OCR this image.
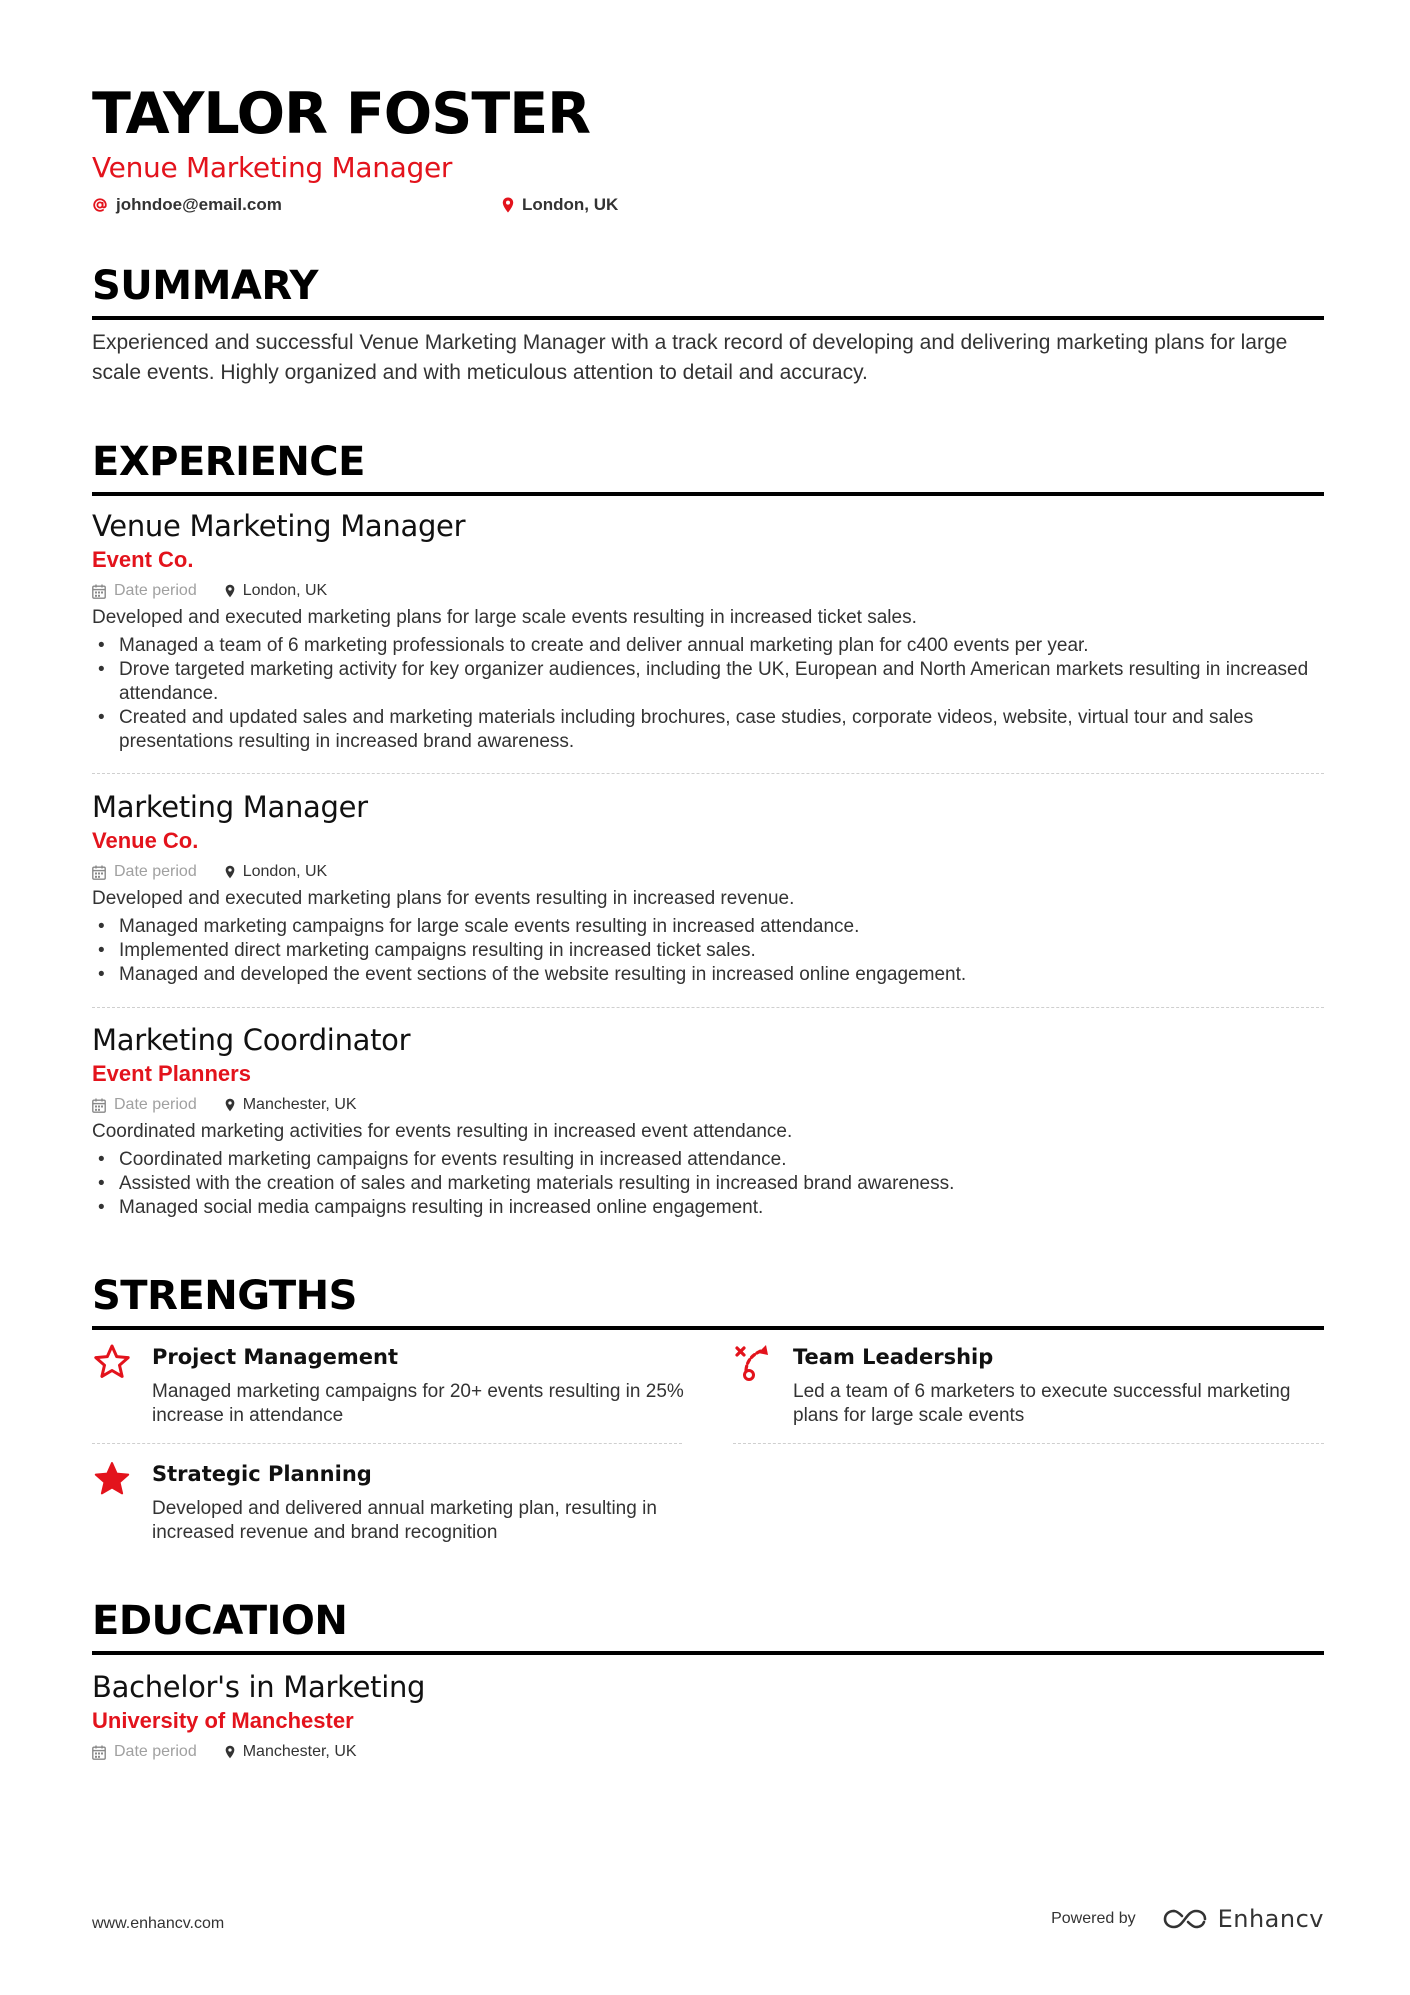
TAYLOR FOSTER
Venue Marketing Manager
johndoe@email.com	London, UK
SUMMARY
Experienced and successful Venue Marketing Manager with a track record of developing and delivering marketing plans for large scale events. Highly organized and with meticulous attention to detail and accuracy.
EXPERIENCE
Venue Marketing Manager
Event Co.
Date period	London, UK
Developed and executed marketing plans for large scale events resulting in increased ticket sales.
• Managed a team of 6 marketing professionals to create and deliver annual marketing plan for c400 events per year.
• Drove targeted marketing activity for key organizer audiences, including the UK, European and North American markets resulting in increased attendance.
• Created and updated sales and marketing materials including brochures, case studies, corporate videos, website, virtual tour and sales presentations resulting in increased brand awareness.
Marketing Manager
Venue Co.
Date period	London, UK
Developed and executed marketing plans for events resulting in increased revenue.
• Managed marketing campaigns for large scale events resulting in increased attendance.
• Implemented direct marketing campaigns resulting in increased ticket sales.
• Managed and developed the event sections of the website resulting in increased online engagement.
Marketing Coordinator
Event Planners
Date period	Manchester, UK
Coordinated marketing activities for events resulting in increased event attendance.
• Coordinated marketing campaigns for events resulting in increased attendance.
• Assisted with the creation of sales and marketing materials resulting in increased brand awareness.
• Managed social media campaigns resulting in increased online engagement.
STRENGTHS
Project Management
Managed marketing campaigns for 20+ events resulting in 25% increase in attendance
Team Leadership
Led a team of 6 marketers to execute successful marketing plans for large scale events
Strategic Planning
Developed and delivered annual marketing plan, resulting in increased revenue and brand recognition
EDUCATION
Bachelor's in Marketing
University of Manchester
Date period	Manchester, UK
www.enhancv.com	Powered by	Enhancv
